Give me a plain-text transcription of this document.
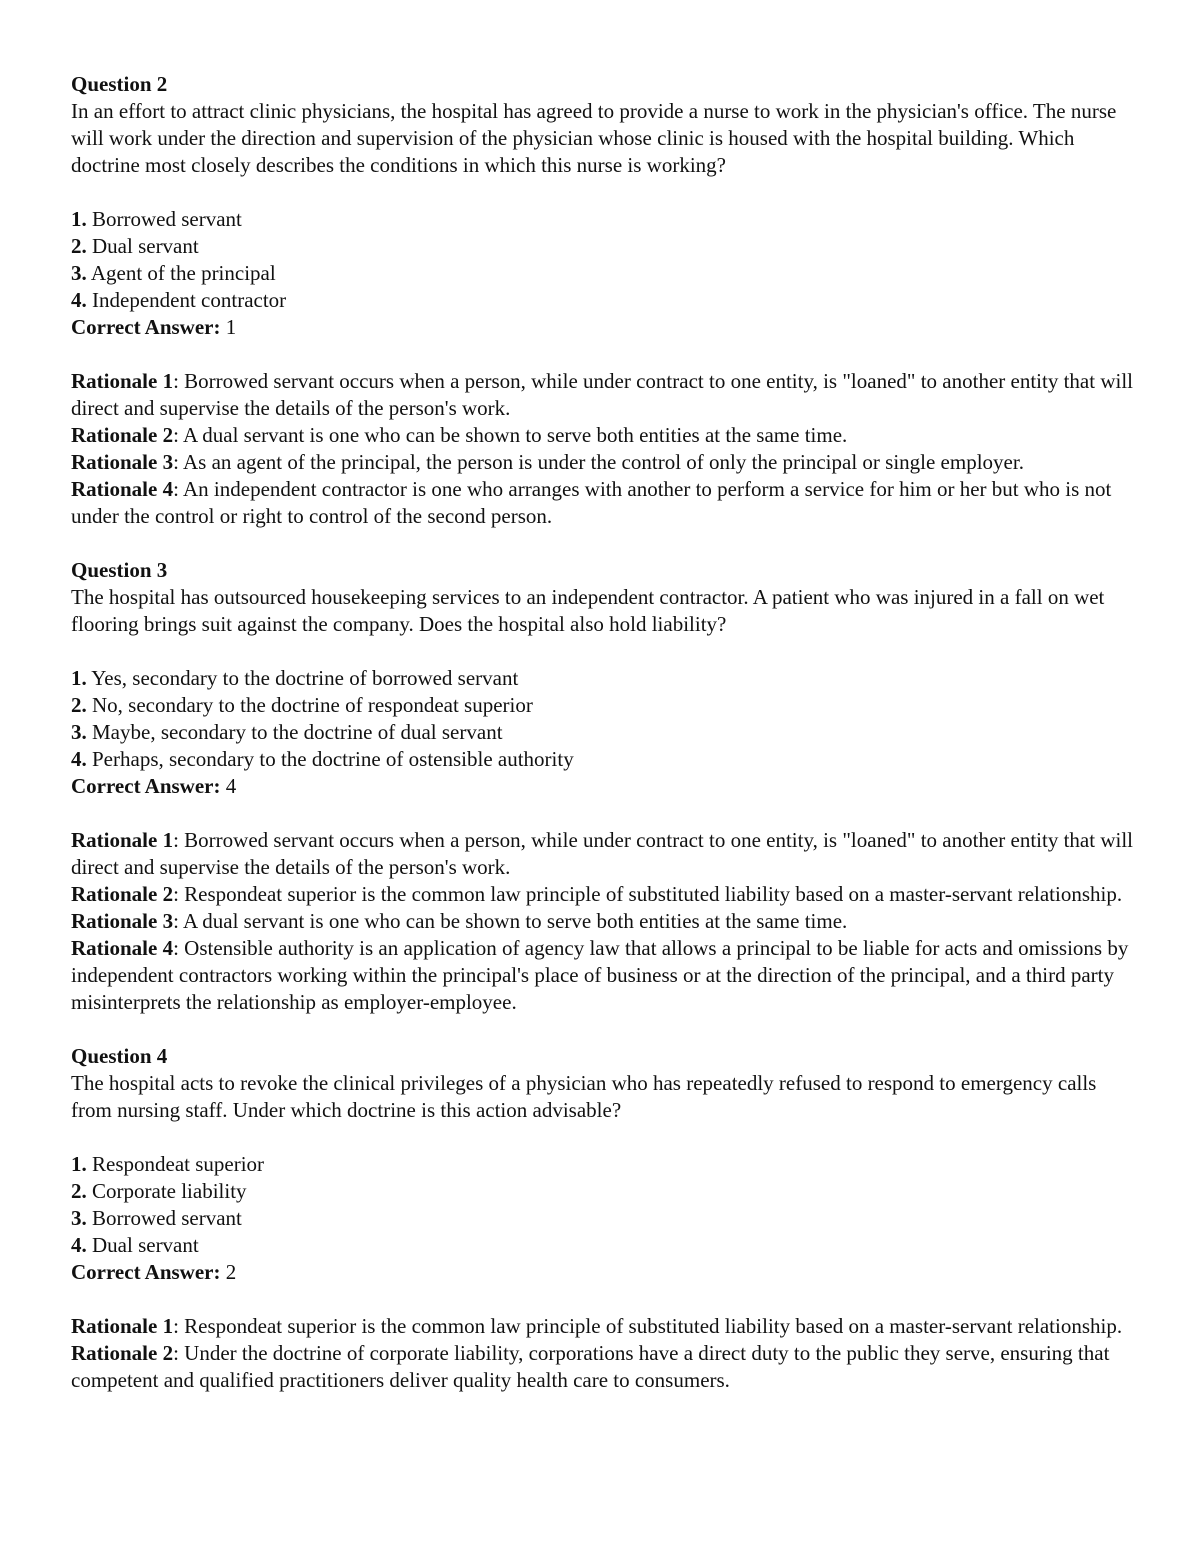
Question 2
In an effort to attract clinic physicians, the hospital has agreed to provide a nurse to work in the physician's office. The nurse will work under the direction and supervision of the physician whose clinic is housed with the hospital building. Which doctrine most closely describes the conditions in which this nurse is working?
1. Borrowed servant
2. Dual servant
3. Agent of the principal
4. Independent contractor
Correct Answer: 1
Rationale 1: Borrowed servant occurs when a person, while under contract to one entity, is "loaned" to another entity that will direct and supervise the details of the person's work.
Rationale 2: A dual servant is one who can be shown to serve both entities at the same time.
Rationale 3: As an agent of the principal, the person is under the control of only the principal or single employer.
Rationale 4: An independent contractor is one who arranges with another to perform a service for him or her but who is not under the control or right to control of the second person.
Question 3
The hospital has outsourced housekeeping services to an independent contractor. A patient who was injured in a fall on wet flooring brings suit against the company. Does the hospital also hold liability?
1. Yes, secondary to the doctrine of borrowed servant
2. No, secondary to the doctrine of respondeat superior
3. Maybe, secondary to the doctrine of dual servant
4. Perhaps, secondary to the doctrine of ostensible authority
Correct Answer: 4
Rationale 1: Borrowed servant occurs when a person, while under contract to one entity, is "loaned" to another entity that will direct and supervise the details of the person's work.
Rationale 2: Respondeat superior is the common law principle of substituted liability based on a master-servant relationship.
Rationale 3: A dual servant is one who can be shown to serve both entities at the same time.
Rationale 4: Ostensible authority is an application of agency law that allows a principal to be liable for acts and omissions by independent contractors working within the principal's place of business or at the direction of the principal, and a third party misinterprets the relationship as employer-employee.
Question 4
The hospital acts to revoke the clinical privileges of a physician who has repeatedly refused to respond to emergency calls from nursing staff. Under which doctrine is this action advisable?
1. Respondeat superior
2. Corporate liability
3. Borrowed servant
4. Dual servant
Correct Answer: 2
Rationale 1: Respondeat superior is the common law principle of substituted liability based on a master-servant relationship.
Rationale 2: Under the doctrine of corporate liability, corporations have a direct duty to the public they serve, ensuring that competent and qualified practitioners deliver quality health care to consumers.
